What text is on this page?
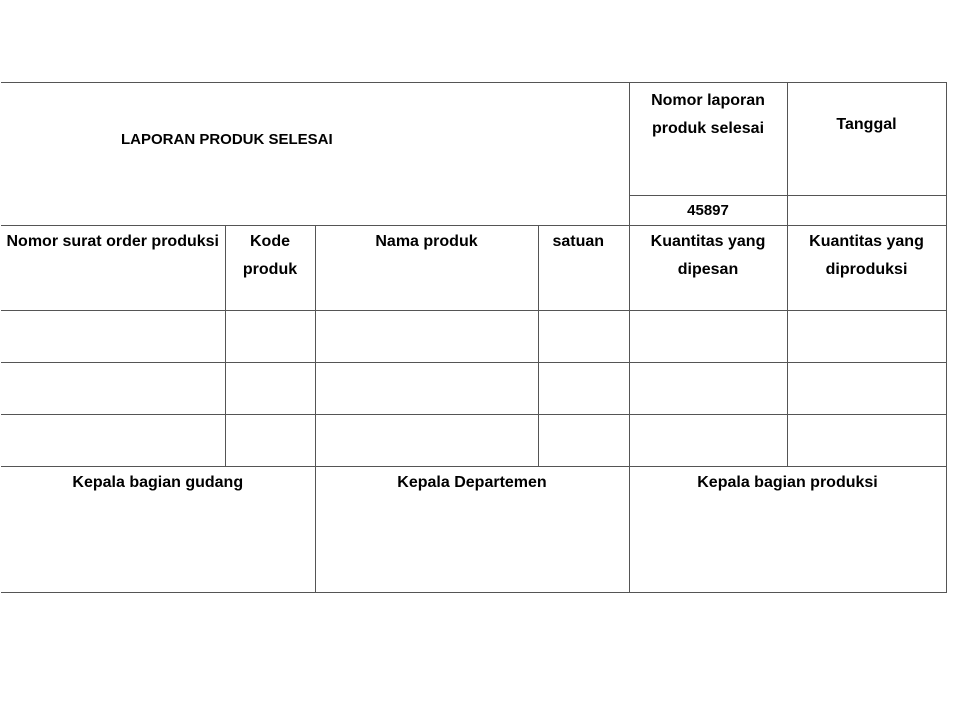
LAPORAN PRODUK SELESAI				Nomor laporan produk selesai	Tanggal
				45897	
Nomor surat order produksi	Kode produk	Nama produk	satuan	Kuantitas yang dipesan	Kuantitas yang diproduksi

Kepala bagian gudang		Kepala Departemen		Kepala bagian produksi	
